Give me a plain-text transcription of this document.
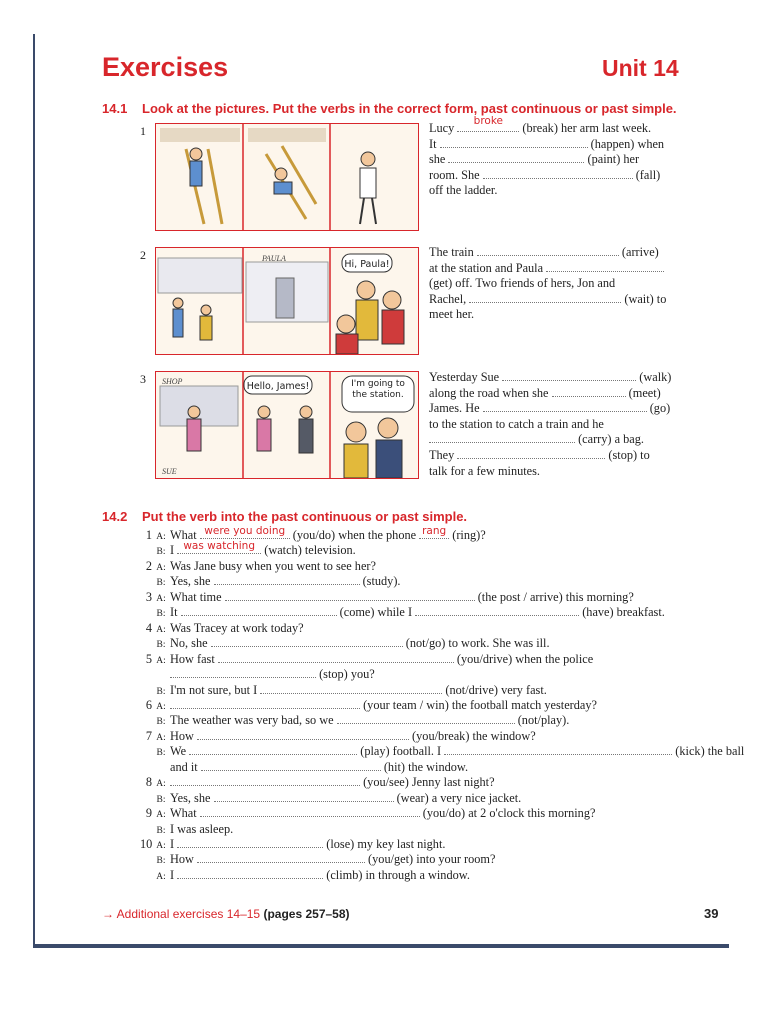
Exercises	Unit 14
14.1 Look at the pictures. Put the verbs in the correct form, past continuous or past simple.
1	Lucy	broke	(break) her arm last week.
It	(happen) when
she	(paint) her
room. She	(fall)
off the ladder.
2
Hi, Paula!
PAULA	The train	(arrive)
at the station and Paula
(get) off. Two friends of hers, Jon and
Rachel,	(wait) to
meet her.
3
Hello, James!	I'm going to the station.
SHOP
SUE
Yesterday Sue	(walk)
along the road when she	(meet)
James. He	(go)
to the station to catch a train and he
(carry) a bag.
They	(stop) to
talk for a few minutes.
14.2 Put the verb into the past continuous or past simple.
1 A: What were you doing (you/do) when the phone rang (ring)?
B: I was watching (watch) television.
2 A: Was Jane busy when you went to see her?
B: Yes, she	(study).
3 A: What time	(the post / arrive) this morning?
B: It	(come) while I	(have) breakfast.
4 A: Was Tracey at work today?
B: No, she	(not/go) to work. She was ill.
5 A: How fast	(you/drive) when the police
(stop) you?
B: I'm not sure, but I	(not/drive) very fast.
6 A:	(your team / win) the football match yesterday?
B: The weather was very bad, so we	(not/play).
7 A: How	(you/break) the window?
B: We	(play) football. I	(kick) the ball
and it	(hit) the window.
8 A:	(you/see) Jenny last night?
B: Yes, she	(wear) a very nice jacket.
9 A: What	(you/do) at 2 o'clock this morning?
B: I was asleep.
10 A: I	(lose) my key last night.
B: How	(you/get) into your room?
A: I	(climb) in through a window.
→ Additional exercises 14–15 (pages 257–58)	39
